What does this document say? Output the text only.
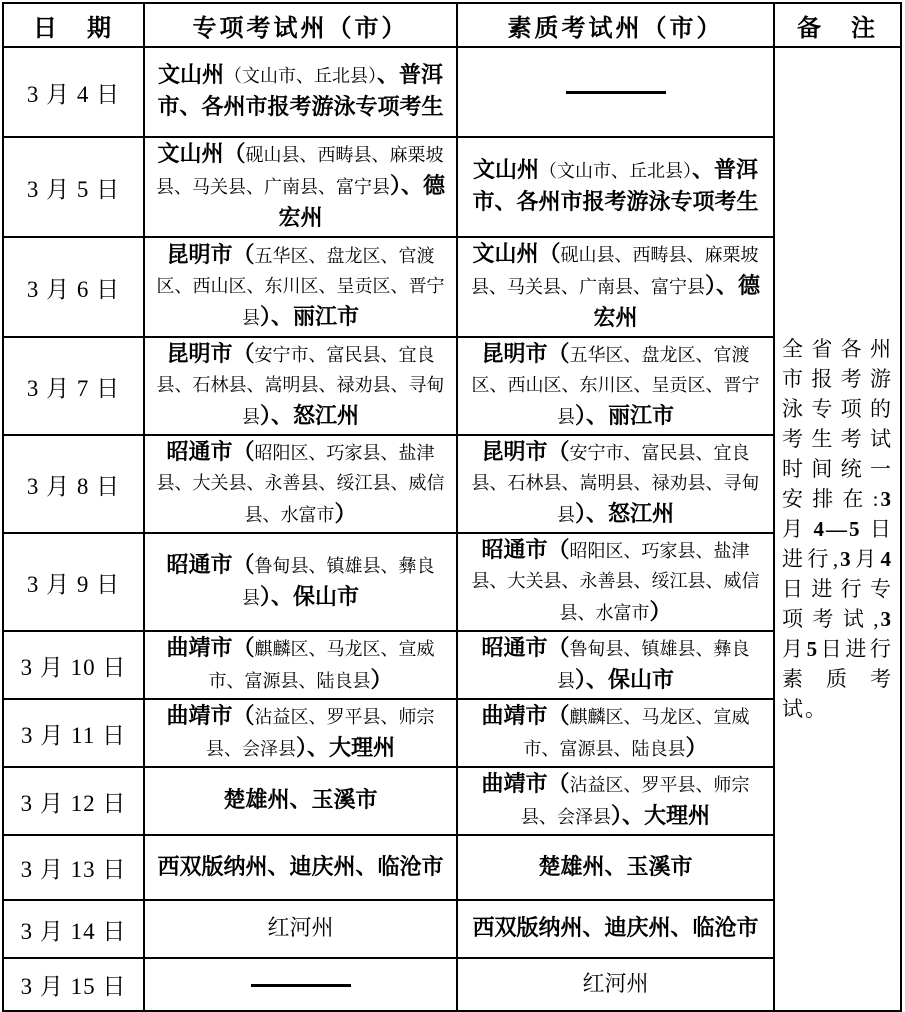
日　期	专项考试州（市）	素质考试州（市）	备　注
3 月 4 日	文山州（文山市、丘北县）、普洱市、各州市报考游泳专项考生		全省各州市报考游泳专项的考生考试时间统一安排在:3月4—5日进行,3月4日进行专项考试,3月5日进行素质考试。

3 月 5 日	文山州（砚山县、西畴县、麻栗坡县、马关县、广南县、富宁县）、德宏州	文山州（文山市、丘北县）、普洱市、各州市报考游泳专项考生	
3 月 6 日	昆明市（五华区、盘龙区、官渡区、西山区、东川区、呈贡区、晋宁县）、丽江市	文山州（砚山县、西畴县、麻栗坡县、马关县、广南县、富宁县）、德宏州	
3 月 7 日	昆明市（安宁市、富民县、宜良县、石林县、嵩明县、禄劝县、寻甸县）、怒江州	昆明市（五华区、盘龙区、官渡区、西山区、东川区、呈贡区、晋宁县）、丽江市	
3 月 8 日	昭通市（昭阳区、巧家县、盐津县、大关县、永善县、绥江县、威信县、水富市）	昆明市（安宁市、富民县、宜良县、石林县、嵩明县、禄劝县、寻甸县）、怒江州	
3 月 9 日	昭通市（鲁甸县、镇雄县、彝良县）、保山市	昭通市（昭阳区、巧家县、盐津县、大关县、永善县、绥江县、威信县、水富市）	
3 月 10 日	曲靖市（麒麟区、马龙区、宣威市、富源县、陆良县）	昭通市（鲁甸县、镇雄县、彝良县）、保山市	
3 月 11 日	曲靖市（沾益区、罗平县、师宗县、会泽县）、大理州	曲靖市（麒麟区、马龙区、宣威市、富源县、陆良县）	
3 月 12 日	楚雄州、玉溪市	曲靖市（沾益区、罗平县、师宗县、会泽县）、大理州	
3 月 13 日	西双版纳州、迪庆州、临沧市	楚雄州、玉溪市	
3 月 14 日	红河州	西双版纳州、迪庆州、临沧市	
3 月 15 日		红河州	
